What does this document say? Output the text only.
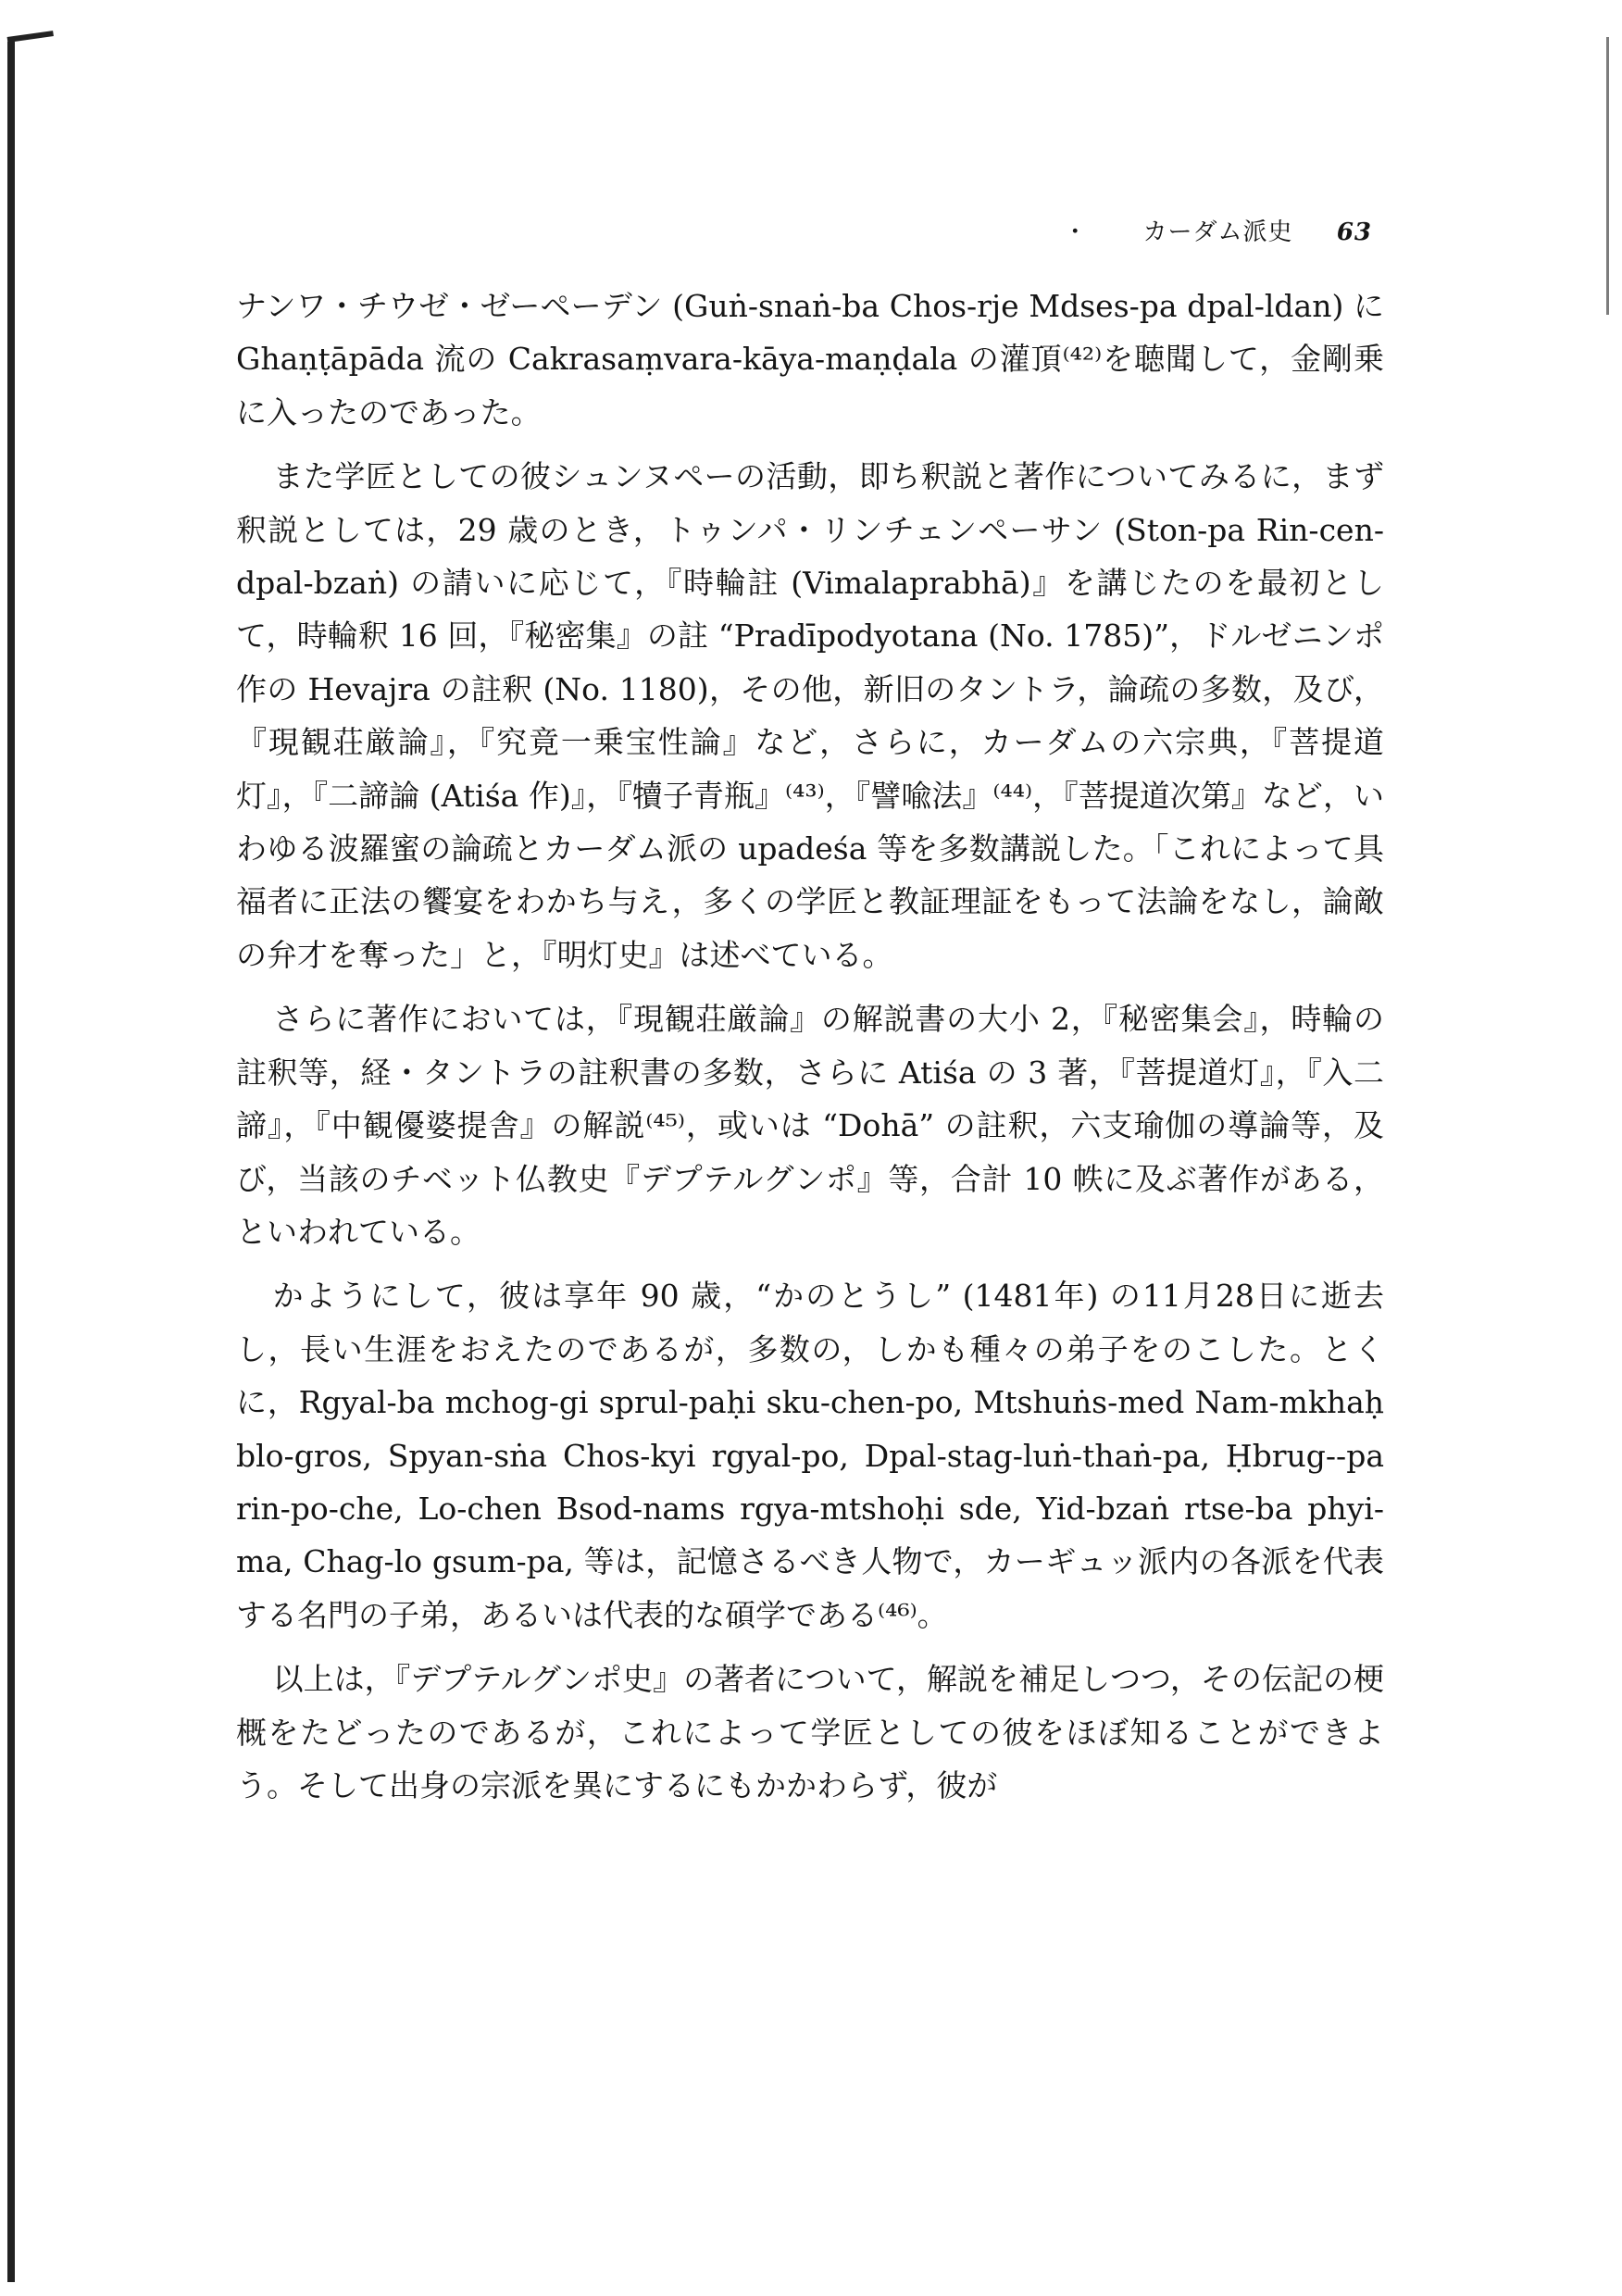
・ カーダム派史 63

ナンワ・チウゼ・ゼーペーデン (Guṅ-snaṅ-ba Chos-rje Mdses-pa dpal-ldan) に Ghaṇṭāpāda 流の Cakrasaṃvara-kāya-maṇḍala の灌頂⁽⁴²⁾を聴聞して，金剛乗に入ったのであった。

また学匠としての彼シュンヌペーの活動，即ち釈説と著作についてみるに，まず釈説としては，29 歳のとき，トゥンパ・リンチェンペーサン (Ston-pa Rin-cen-dpal-bzaṅ) の請いに応じて，『時輪註 (Vimalaprabhā)』を講じたのを最初として，時輪釈 16 回，『秘密集』の註 “Pradīpodyotana (No. 1785)”，ドルゼニンポ作の Hevajra の註釈 (No. 1180)，その他，新旧のタントラ，論疏の多数，及び，『現観荘厳論』，『究竟一乗宝性論』など，さらに，カーダムの六宗典，『菩提道灯』，『二諦論 (Atiśa 作)』，『犢子青瓶』⁽⁴³⁾，『譬喩法』⁽⁴⁴⁾，『菩提道次第』など，いわゆる波羅蜜の論疏とカーダム派の upadeśa 等を多数講説した。「これによって具福者に正法の饗宴をわかち与え，多くの学匠と教証理証をもって法論をなし，論敵の弁才を奪った」と，『明灯史』は述べている。

さらに著作においては，『現観荘厳論』の解説書の大小 2，『秘密集会』，時輪の註釈等，経・タントラの註釈書の多数，さらに Atiśa の 3 著，『菩提道灯』，『入二諦』，『中観優婆提舎』の解説⁽⁴⁵⁾，或いは “Dohā” の註釈，六支瑜伽の導論等，及び，当該のチベット仏教史『デプテルグンポ』等，合計 10 帙に及ぶ著作がある，といわれている。

かようにして，彼は享年 90 歳，“かのとうし” (1481年) の11月28日に逝去し，長い生涯をおえたのであるが，多数の，しかも種々の弟子をのこした。とくに，Rgyal-ba mchog-gi sprul-paḥi sku-chen-po, Mtshuṅs-med Nam-mkhaḥ blo-gros, Spyan-sṅa Chos-kyi rgyal-po, Dpal-stag-luṅ-thaṅ-pa, Ḥbrug--pa rin-po-che, Lo-chen Bsod-nams rgya-mtshoḥi sde, Yid-bzaṅ rtse-ba phyi-ma, Chag-lo gsum-pa, 等は，記憶さるべき人物で，カーギュッ派内の各派を代表する名門の子弟，あるいは代表的な碩学である⁽⁴⁶⁾。

以上は，『デプテルグンポ史』の著者について，解説を補足しつつ，その伝記の梗概をたどったのであるが，これによって学匠としての彼をほぼ知ることができよう。そして出身の宗派を異にするにもかかわらず，彼が
